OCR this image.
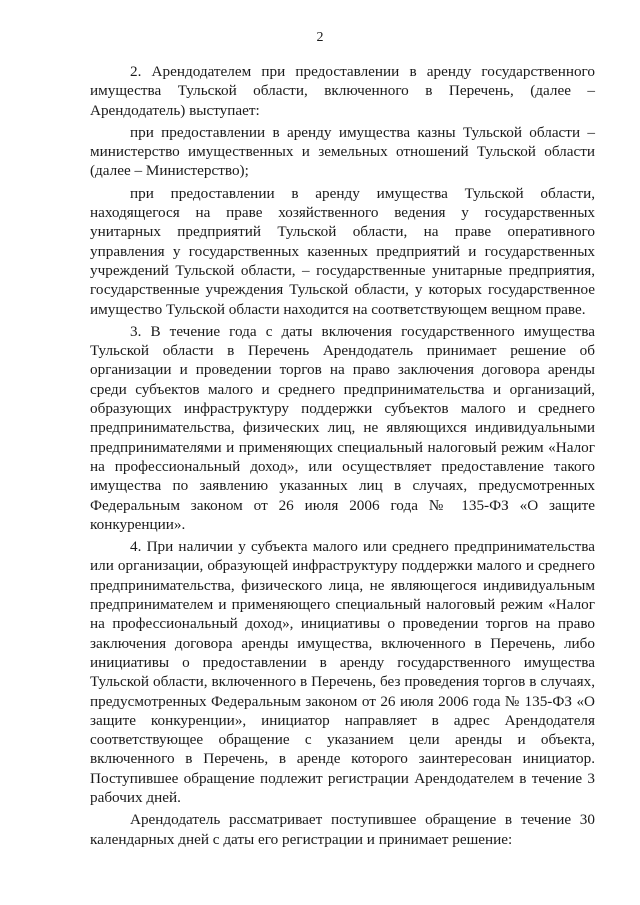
2

2. Арендодателем при предоставлении в аренду государственного имущества Тульской области, включенного в Перечень, (далее – Арендодатель) выступает:

при предоставлении в аренду имущества казны Тульской области – министерство имущественных и земельных отношений Тульской области (далее – Министерство);

при предоставлении в аренду имущества Тульской области, находящегося на праве хозяйственного ведения у государственных унитарных предприятий Тульской области, на праве оперативного управления у государственных казенных предприятий и государственных учреждений Тульской области, – государственные унитарные предприятия, государственные учреждения Тульской области, у которых государственное имущество Тульской области находится на соответствующем вещном праве.

3. В течение года с даты включения государственного имущества Тульской области в Перечень Арендодатель принимает решение об организации и проведении торгов на право заключения договора аренды среди субъектов малого и среднего предпринимательства и организаций, образующих инфраструктуру поддержки субъектов малого и среднего предпринимательства, физических лиц, не являющихся индивидуальными предпринимателями и применяющих специальный налоговый режим «Налог на профессиональный доход», или осуществляет предоставление такого имущества по заявлению указанных лиц в случаях, предусмотренных Федеральным законом от 26 июля 2006 года № 135-ФЗ «О защите конкуренции».

4. При наличии у субъекта малого или среднего предпринимательства или организации, образующей инфраструктуру поддержки малого и среднего предпринимательства, физического лица, не являющегося индивидуальным предпринимателем и применяющего специальный налоговый режим «Налог на профессиональный доход», инициативы о проведении торгов на право заключения договора аренды имущества, включенного в Перечень, либо инициативы о предоставлении в аренду государственного имущества Тульской области, включенного в Перечень, без проведения торгов в случаях, предусмотренных Федеральным законом от 26 июля 2006 года № 135-ФЗ «О защите конкуренции», инициатор направляет в адрес Арендодателя соответствующее обращение с указанием цели аренды и объекта, включенного в Перечень, в аренде которого заинтересован инициатор. Поступившее обращение подлежит регистрации Арендодателем в течение 3 рабочих дней.

Арендодатель рассматривает поступившее обращение в течение 30 календарных дней с даты его регистрации и принимает решение:
